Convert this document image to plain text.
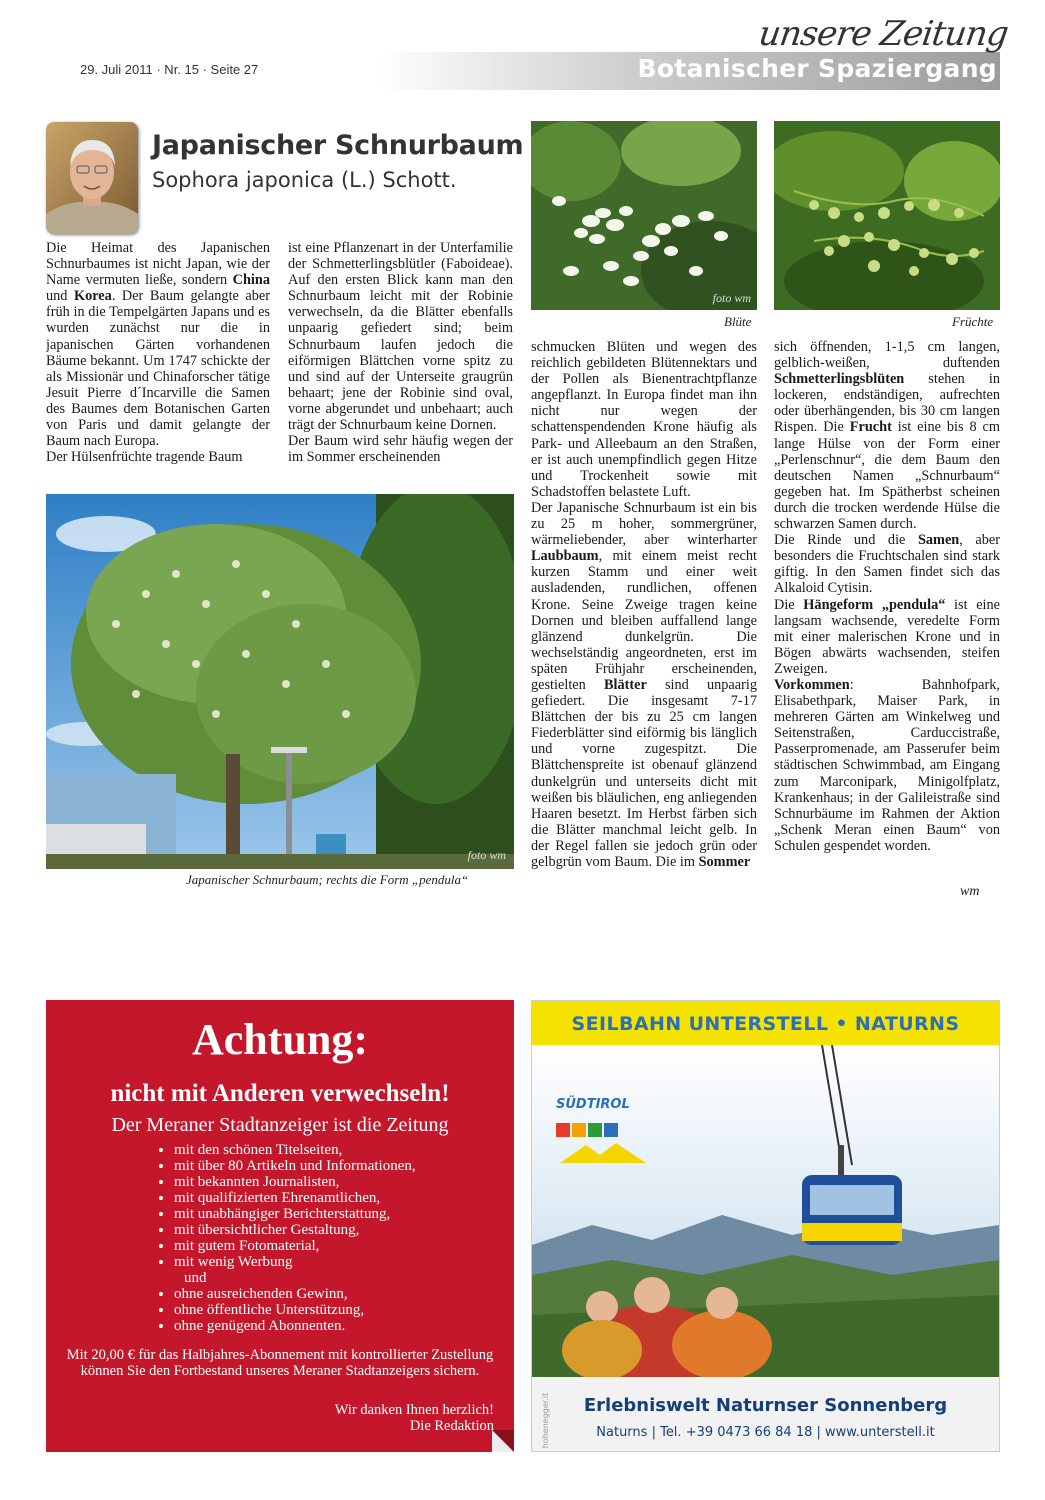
29. Juli 2011 · Nr. 15 · Seite 27	Botanischer Spaziergang
unsere Zeitung
Japanischer Schnurbaum
Sophora japonica (L.) Schott.
Die Heimat des Japanischen Schnurbaumes ist nicht Japan, wie der Name vermuten ließe, sondern China und Korea. Der Baum gelangte aber früh in die Tempelgärten Japans und es wurden zunächst nur die in japanischen Gärten vorhandenen Bäume bekannt. Um 1747 schickte der als Missionär und Chinaforscher tätige Jesuit Pierre d´Incarville die Samen des Baumes dem Botanischen Garten von Paris und damit gelangte der Baum nach Europa.
Der Hülsenfrüchte tragende Baum
ist eine Pflanzenart in der Unterfamilie der Schmetterlingsblütler (Faboideae). Auf den ersten Blick kann man den Schnurbaum leicht mit der Robinie verwechseln, da die Blätter ebenfalls unpaarig gefiedert sind; beim Schnurbaum laufen jedoch die eiförmigen Blättchen vorne spitz zu und sind auf der Unterseite graugrün behaart; jene der Robinie sind oval, vorne abgerundet und unbehaart; auch trägt der Schnurbaum keine Dornen.
Der Baum wird sehr häufig wegen der im Sommer erscheinenden
schmucken Blüten und wegen des reichlich gebildeten Blütennektars und der Pollen als Bienentrachtpflanze angepflanzt. In Europa findet man ihn nicht nur wegen der schattenspendenden Krone häufig als Park- und Alleebaum an den Straßen, er ist auch unempfindlich gegen Hitze und Trockenheit sowie mit Schadstoffen belastete Luft.
Der Japanische Schnurbaum ist ein bis zu 25 m hoher, sommergrüner, wärmeliebender, aber winterharter Laubbaum, mit einem meist recht kurzen Stamm und einer weit ausladenden, rundlichen, offenen Krone. Seine Zweige tragen keine Dornen und bleiben auffallend lange glänzend dunkelgrün. Die wechselständig angeordneten, erst im späten Frühjahr erscheinenden, gestielten Blätter sind unpaarig gefiedert. Die insgesamt 7-17 Blättchen der bis zu 25 cm langen Fiederblätter sind eiförmig bis länglich und vorne zugespitzt. Die Blättchenspreite ist obenauf glänzend dunkelgrün und unterseits dicht mit weißen bis bläulichen, eng anliegenden Haaren besetzt. Im Herbst färben sich die Blätter manchmal leicht gelb. In der Regel fallen sie jedoch grün oder gelbgrün vom Baum. Die im Sommer
sich öffnenden, 1-1,5 cm langen, gelblich-weißen, duftenden Schmetterlingsblüten stehen in lockeren, endständigen, aufrechten oder überhängenden, bis 30 cm langen Rispen. Die Frucht ist eine bis 8 cm lange Hülse von der Form einer „Perlenschnur“, die dem Baum den deutschen Namen „Schnurbaum“ gegeben hat. Im Spätherbst scheinen durch die trocken werdende Hülse die schwarzen Samen durch.
Die Rinde und die Samen, aber besonders die Fruchtschalen sind stark giftig. In den Samen findet sich das Alkaloid Cytisin.
Die Hängeform „pendula“ ist eine langsam wachsende, veredelte Form mit einer malerischen Krone und in Bögen abwärts wachsenden, steifen Zweigen.
Vorkommen: Bahnhofpark, Elisabethpark, Maiser Park, in mehreren Gärten am Winkelweg und Seitenstraßen, Carduccistraße, Passerpromenade, am Passerufer beim städtischen Schwimmbad, am Eingang zum Marconipark, Minigolfplatz, Krankenhaus; in der Galileistraße sind Schnurbäume im Rahmen der Aktion „Schenk Meran einen Baum“ von Schulen gespendet worden.
wm
foto wm
Blüte	Früchte
foto wm
Japanischer Schnurbaum; rechts die Form „pendula“
Achtung:
nicht mit Anderen verwechseln!
Der Meraner Stadtanzeiger ist die Zeitung
• mit den schönen Titelseiten,
• mit über 80 Artikeln und Informationen,
• mit bekannten Journalisten,
• mit qualifizierten Ehrenamtlichen,
• mit unabhängiger Berichterstattung,
• mit übersichtlicher Gestaltung,
• mit gutem Fotomaterial,
• mit wenig Werbung
und
• ohne ausreichenden Gewinn,
• ohne öffentliche Unterstützung,
• ohne genügend Abonnenten.
Mit 20,00 € für das Halbjahres-Abonnement mit kontrollierter Zustellung können Sie den Fortbestand unseres Meraner Stadtanzeigers sichern.
Wir danken Ihnen herzlich!
Die Redaktion
SEILBAHN UNTERSTELL • NATURNS
SÜDTIROL
Erlebniswelt Naturnser Sonnenberg
Naturns | Tel. +39 0473 66 84 18 | www.unterstell.it
hohenegger.it
